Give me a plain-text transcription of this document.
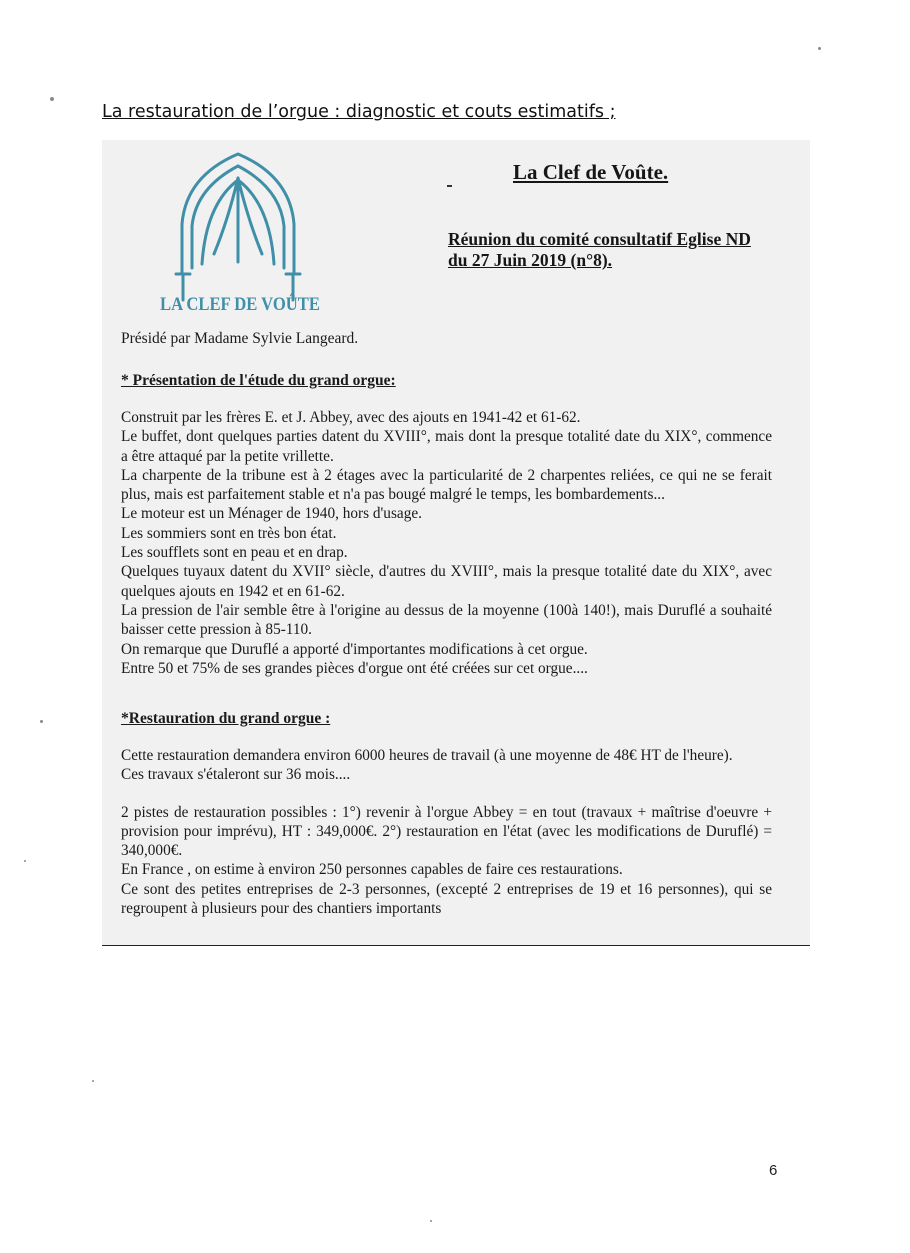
La restauration de l’orgue : diagnostic et couts estimatifs ;
LA CLEF DE VOÛTE
La Clef de Voûte.
Réunion du comité consultatif Eglise ND
du 27 Juin 2019 (n°8).
Présidé par Madame Sylvie Langeard.
* Présentation de l'étude du grand orgue:

Construit par les frères E. et J. Abbey, avec des ajouts en 1941-42 et 61-62.

Le buffet, dont quelques parties datent du XVIII°, mais dont la presque totalité date du XIX°, commence a être attaqué par la petite vrillette.

La charpente de la tribune est à 2 étages avec la particularité de 2 charpentes reliées, ce qui ne se ferait plus, mais est parfaitement stable et n'a pas bougé malgré le temps, les bombardements...

Le moteur est un Ménager de 1940, hors d'usage.

Les sommiers sont en très bon état.

Les soufflets sont en peau et en drap.

Quelques tuyaux datent du XVII° siècle, d'autres du XVIII°, mais la presque totalité date du XIX°, avec quelques ajouts en 1942 et en 61-62.

La pression de l'air semble être à l'origine au dessus de la moyenne (100à 140!), mais Duruflé a souhaité baisser cette pression à 85-110.

On remarque que Duruflé a apporté d'importantes modifications à cet orgue.

Entre 50 et 75% de ses grandes pièces d'orgue ont été créées sur cet orgue....

*Restauration du grand orgue :

Cette restauration demandera environ 6000 heures de travail (à une moyenne de 48€ HT de l'heure).

Ces travaux s'étaleront sur 36 mois....

2 pistes de restauration possibles : 1°) revenir à l'orgue Abbey = en tout (travaux + maîtrise d'oeuvre + provision pour imprévu), HT : 349,000€. 2°) restauration en l'état (avec les modifications de Duruflé) = 340,000€.

En France , on estime à environ 250 personnes capables de faire ces restaurations.

Ce sont des petites entreprises de 2-3 personnes, (excepté 2 entreprises de 19 et 16 personnes), qui se regroupent à plusieurs pour des chantiers importants

6
